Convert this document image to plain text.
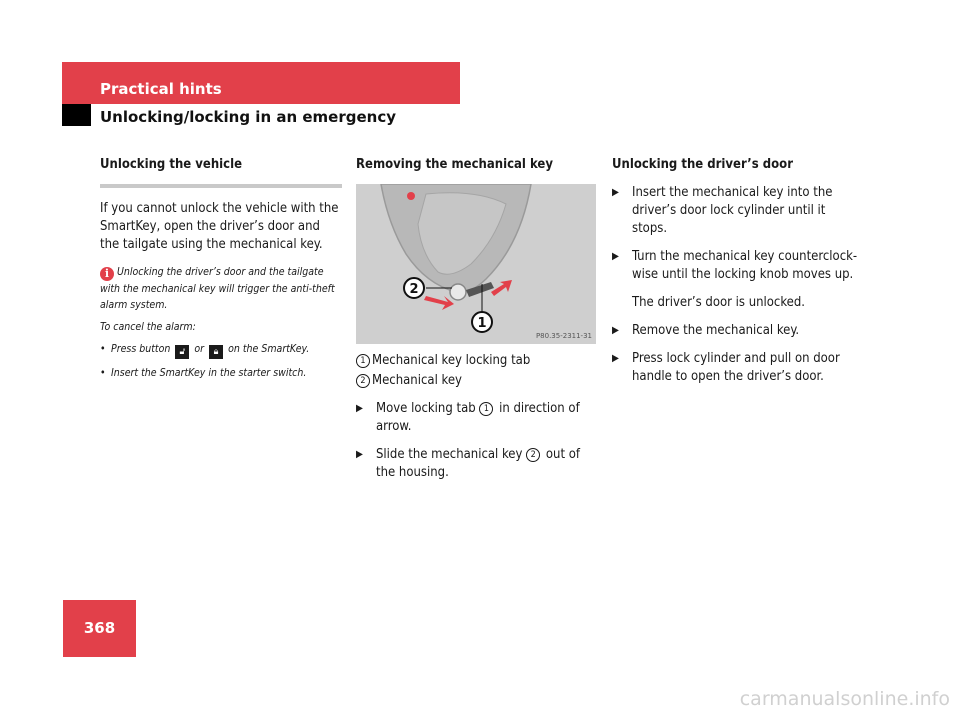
Practical hints
Unlocking/locking in an emergency
Unlocking the vehicle

If you cannot unlock the vehicle with the SmartKey, open the driver’s door and the tailgate using the mechanical key.

i Unlocking the driver’s door and the tailgate with the mechanical key will trigger the anti-theft alarm system.

To cancel the alarm:

• Press button 🔓︎ or 🔒︎ on the SmartKey.
• Insert the SmartKey in the starter switch.
Removing the mechanical key
2
1
P80.35-2311-31
1 Mechanical key locking tab
2 Mechanical key
▶	Move locking tab 1 in direction of arrow.
▶	Slide the mechanical key 2 out of the housing.
Unlocking the driver’s door
▶	Insert the mechanical key into the driver’s door lock cylinder until it stops.
▶	Turn the mechanical key counterclock-wise until the locking knob moves up.

The driver’s door is unlocked.

▶	Remove the mechanical key.
▶	Press lock cylinder and pull on door handle to open the driver’s door.
368
carmanualsonline.info
